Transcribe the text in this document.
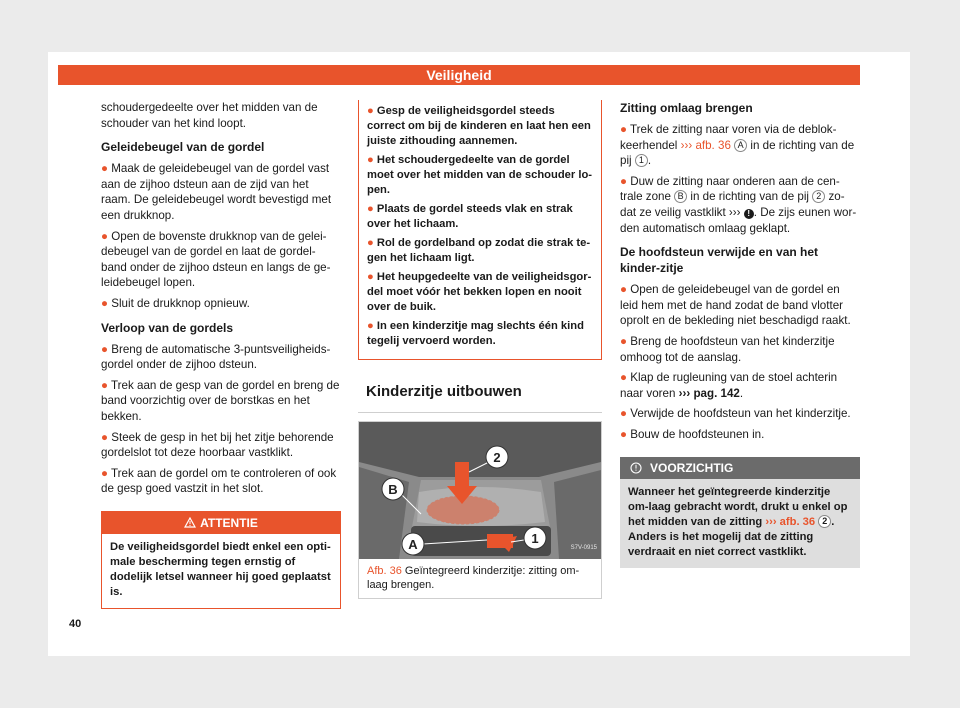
Veiligheid

schoudergedeelte over het midden van de schouder van het kind loopt.

Geleidebeugel van de gordel
● Maak de geleidebeugel van de gordel vast aan de zijhoo dsteun aan de zijd van het raam. De geleidebeugel wordt bevestigd met een drukknop.
● Open de bovenste drukknop van de gelei-debeugel van de gordel en laat de gordel-band onder de zijhoo dsteun en langs de ge-leidebeugel lopen.
● Sluit de drukknop opnieuw.
Verloop van de gordels
● Breng de automatische 3-puntsveiligheids-gordel onder de zijhoo dsteun.
● Trek aan de gesp van de gordel en breng de band voorzichtig over de borstkas en het bekken.
● Steek de gesp in het bij het zitje behorende gordelslot tot deze hoorbaar vastklikt.
● Trek aan de gordel om te controleren of ook de gesp goed vastzit in het slot.
ATTENTIE
De veiligheidsgordel biedt enkel een opti-male bescherming tegen ernstig of dodelijk letsel wanneer hij goed geplaatst is.
● Gesp de veiligheidsgordel steeds correct om bij de kinderen en laat hen een juiste zithouding aannemen.
● Het schoudergedeelte van de gordel moet over het midden van de schouder lo-pen.
● Plaats de gordel steeds vlak en strak over het lichaam.
● Rol de gordelband op zodat die strak te-gen het lichaam ligt.
● Het heupgedeelte van de veiligheidsgor-del moet vóór het bekken lopen en nooit over de buik.
● In een kinderzitje mag slechts één kind tegelij vervoerd worden.
Kinderzitje uitbouwen
2
B
A	1
S7V-0915
Afb. 36 Geïntegreerd kinderzitje: zitting om-laag brengen.
Zitting omlaag brengen
● Trek de zitting naar voren via de deblok-keerhendel ››› afb. 36 A in de richting van de pij 1 .
● Duw de zitting naar onderen aan de cen-trale zone B in de richting van de pij 2 zo-dat ze veilig vastklikt ››› ! . De zijs eunen wor-den automatisch omlaag geklapt.
De hoofdsteun verwijde en van het kinder-zitje
● Open de geleidebeugel van de gordel en leid hem met de hand zodat de band vlotter oprolt en de bekleding niet beschadigd raakt.
● Breng de hoofdsteun van het kinderzitje omhoog tot de aanslag.
● Klap de rugleuning van de stoel achterin naar voren ››› pag. 142.
● Verwijde de hoofdsteun van het kinderzitje.
● Bouw de hoofdsteunen in.
VOORZICHTIG
Wanneer het geïntegreerde kinderzitje om-laag gebracht wordt, drukt u enkel op het midden van de zitting ››› afb. 36 2 . Anders is het mogelij dat de zitting verdraait en niet correct vastklikt.
40
